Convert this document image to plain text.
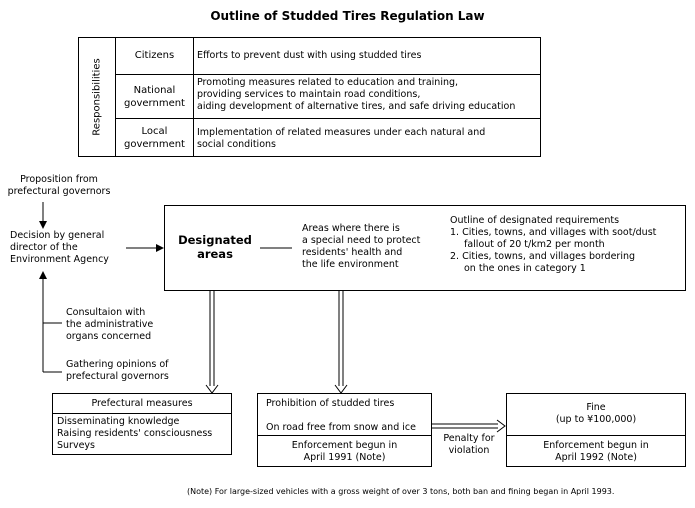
Outline of Studded Tires Regulation Law
Responsibilities
Citizens	Efforts to prevent dust with using studded tires
National
government
Promoting measures related to education and training,
providing services to maintain road conditions,
aiding development of alternative tires, and safe driving education
Local
government
Implementation of related measures under each natural and
social conditions
Proposition from
prefectural governors
Decision by general
director of the
Environment Agency
Consultaion with
the administrative
organs concerned
Gathering opinions of
prefectural governors
Designated
areas
Areas where there is
a special need to protect
residents' health and
the life environment
Outline of designated requirements
1. Cities, towns, and villages with soot/dust
fallout of 20 t/km2 per month
2. Cities, towns, and villages bordering
on the ones in category 1
Prefectural measures
Disseminating knowledge
Raising residents' consciousness
Surveys
Prohibition of studded tires
On road free from snow and ice
Enforcement begun in
April 1991 (Note)
Penalty for
violation
Fine
(up to ¥100,000)
Enforcement begun in
April 1992 (Note)
(Note) For large-sized vehicles with a gross weight of over 3 tons, both ban and fining began in April 1993.
